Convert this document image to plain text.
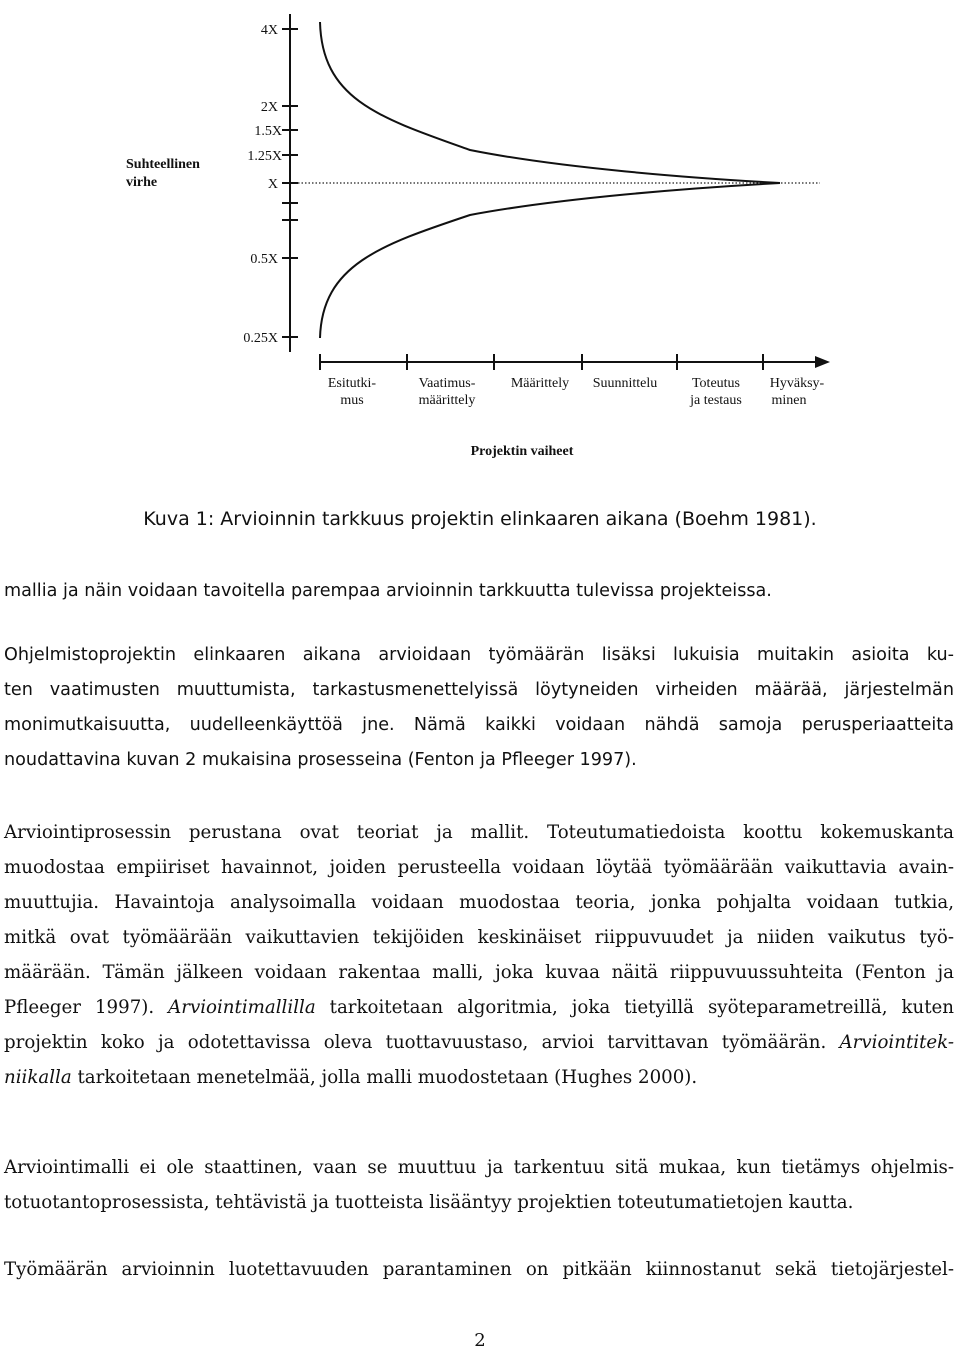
Suhteellinen
virhe
4X
2X
1.5X
1.25X
X
0.5X
0.25X
Esitutki-
mus
Vaatimus-
määrittely
Määrittely Suunnittelu Toteutus
ja testaus
Hyväksy-
minen
Projektin vaiheet
Kuva 1: Arvioinnin tarkkuus projektin elinkaaren aikana (Boehm 1981).

mallia ja näin voidaan tavoitella parempaa arvioinnin tarkkuutta tulevissa projekteissa.

Ohjelmistoprojektin elinkaaren aikana arvioidaan työmäärän lisäksi lukuisia muitakin asioita ku-
ten vaatimusten muuttumista, tarkastusmenettelyissä löytyneiden virheiden määrää, järjestelmän
monimutkaisuutta, uudelleenkäyttöä jne. Nämä kaikki voidaan nähdä samoja perusperiaatteita
noudattavina kuvan 2 mukaisina prosesseina (Fenton ja Pfleeger 1997).

Arviointiprosessin perustana ovat teoriat ja mallit. Toteutumatiedoista koottu kokemuskanta
muodostaa empiiriset havainnot, joiden perusteella voidaan löytää työmäärään vaikuttavia avain-
muuttujia. Havaintoja analysoimalla voidaan muodostaa teoria, jonka pohjalta voidaan tutkia,
mitkä ovat työmäärään vaikuttavien tekijöiden keskinäiset riippuvuudet ja niiden vaikutus työ-
määrään. Tämän jälkeen voidaan rakentaa malli, joka kuvaa näitä riippuvuussuhteita (Fenton ja
Pfleeger 1997). Arviointimallilla tarkoitetaan algoritmia, joka tietyillä syöteparametreillä, kuten
projektin koko ja odotettavissa oleva tuottavuustaso, arvioi tarvittavan työmäärän. Arviointitek-
niikalla tarkoitetaan menetelmää, jolla malli muodostetaan (Hughes 2000).

Arviointimalli ei ole staattinen, vaan se muuttuu ja tarkentuu sitä mukaa, kun tietämys ohjelmis-
totuotantoprosessista, tehtävistä ja tuotteista lisääntyy projektien toteutumatietojen kautta.

Työmäärän arvioinnin luotettavuuden parantaminen on pitkään kiinnostanut sekä tietojärjestel-

2
